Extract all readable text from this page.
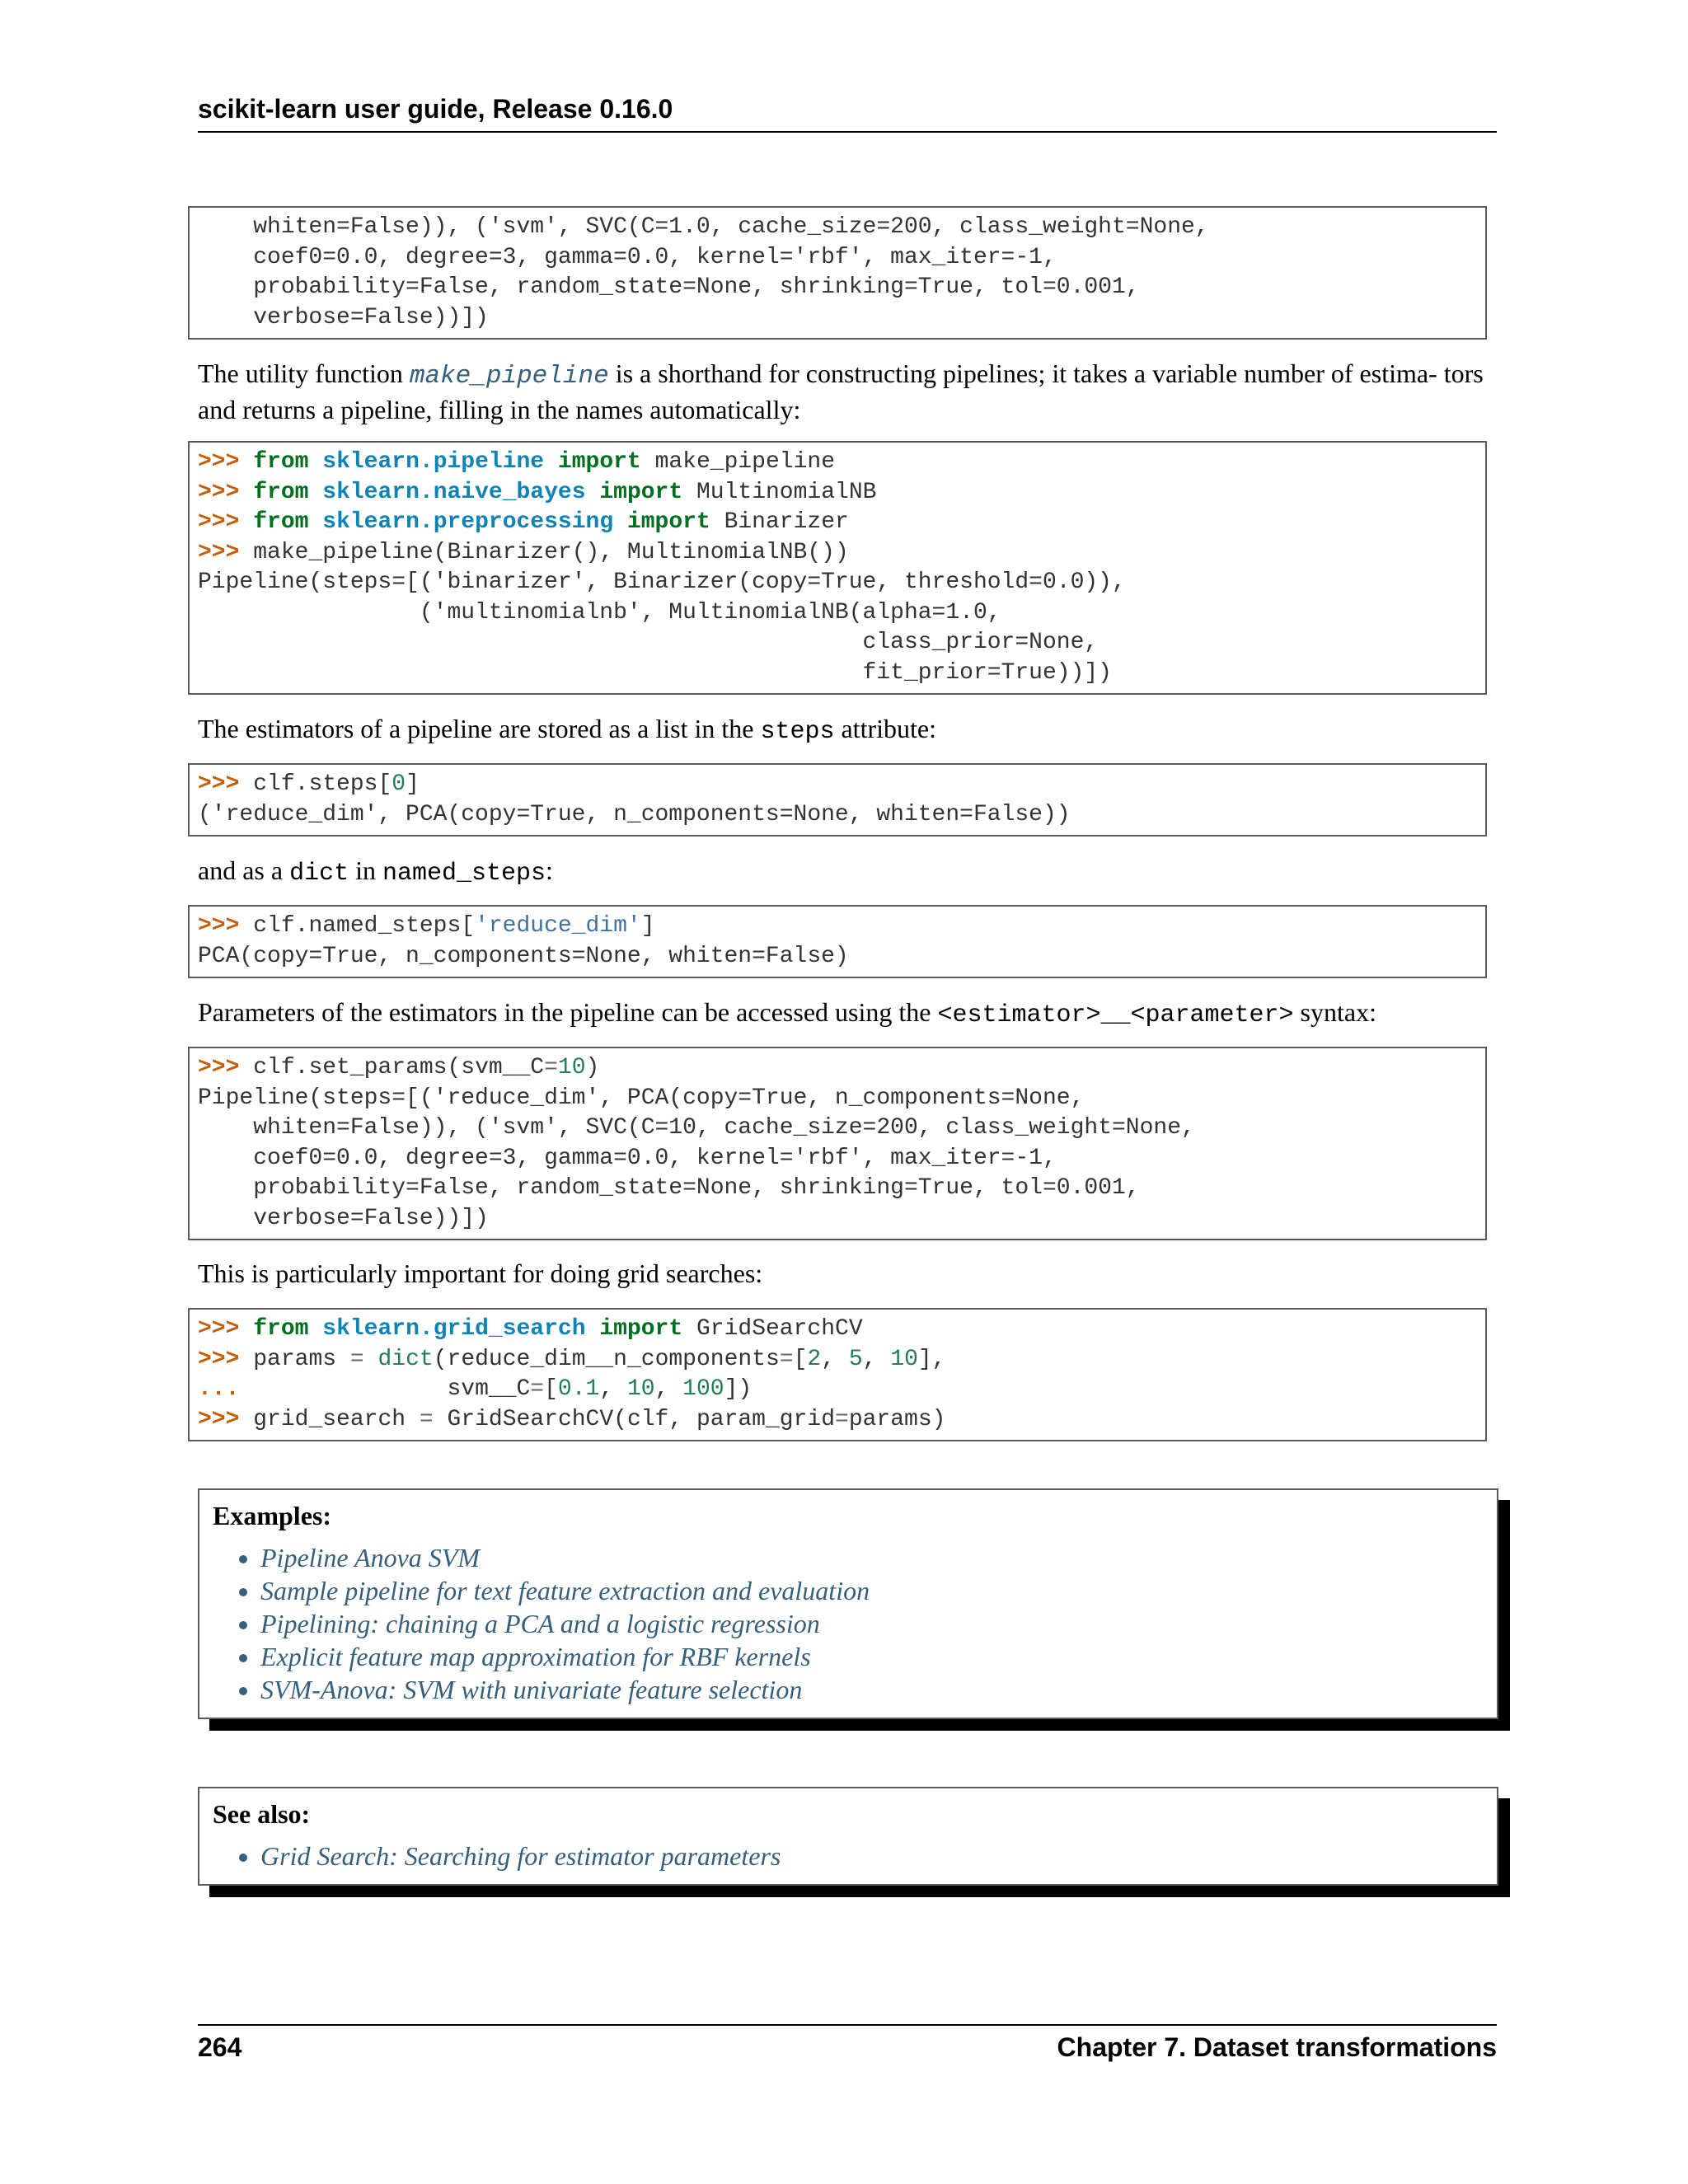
scikit-learn user guide, Release 0.16.0
whiten=False)), ('svm', SVC(C=1.0, cache_size=200, class_weight=None,
coef0=0.0, degree=3, gamma=0.0, kernel='rbf', max_iter=-1,
probability=False, random_state=None, shrinking=True, tol=0.001,
verbose=False))])
The utility function make_pipeline is a shorthand for constructing pipelines; it takes a variable number of estima- tors and returns a pipeline, filling in the names automatically:
>>> from sklearn.pipeline import make_pipeline
>>> from sklearn.naive_bayes import MultinomialNB
>>> from sklearn.preprocessing import Binarizer
>>> make_pipeline(Binarizer(), MultinomialNB())
Pipeline(steps=[('binarizer', Binarizer(copy=True, threshold=0.0)),
('multinomialnb', MultinomialNB(alpha=1.0,
class_prior=None,
fit_prior=True))])
The estimators of a pipeline are stored as a list in the steps attribute:
>>> clf.steps[0]
('reduce_dim', PCA(copy=True, n_components=None, whiten=False))
and as a dict in named_steps:
>>> clf.named_steps['reduce_dim']
PCA(copy=True, n_components=None, whiten=False)
Parameters of the estimators in the pipeline can be accessed using the <estimator>__<parameter> syntax:
>>> clf.set_params(svm__C=10)
Pipeline(steps=[('reduce_dim', PCA(copy=True, n_components=None,
whiten=False)), ('svm', SVC(C=10, cache_size=200, class_weight=None,
coef0=0.0, degree=3, gamma=0.0, kernel='rbf', max_iter=-1,
probability=False, random_state=None, shrinking=True, tol=0.001,
verbose=False))])
This is particularly important for doing grid searches:
>>> from sklearn.grid_search import GridSearchCV
>>> params = dict(reduce_dim__n_components=[2, 5, 10],
...	svm__C=[0.1, 10, 100])
>>> grid_search = GridSearchCV(clf, param_grid=params)
Examples:
• Pipeline Anova SVM
• Sample pipeline for text feature extraction and evaluation
• Pipelining: chaining a PCA and a logistic regression
• Explicit feature map approximation for RBF kernels
• SVM-Anova: SVM with univariate feature selection
See also:
• Grid Search: Searching for estimator parameters
264	Chapter 7. Dataset transformations
